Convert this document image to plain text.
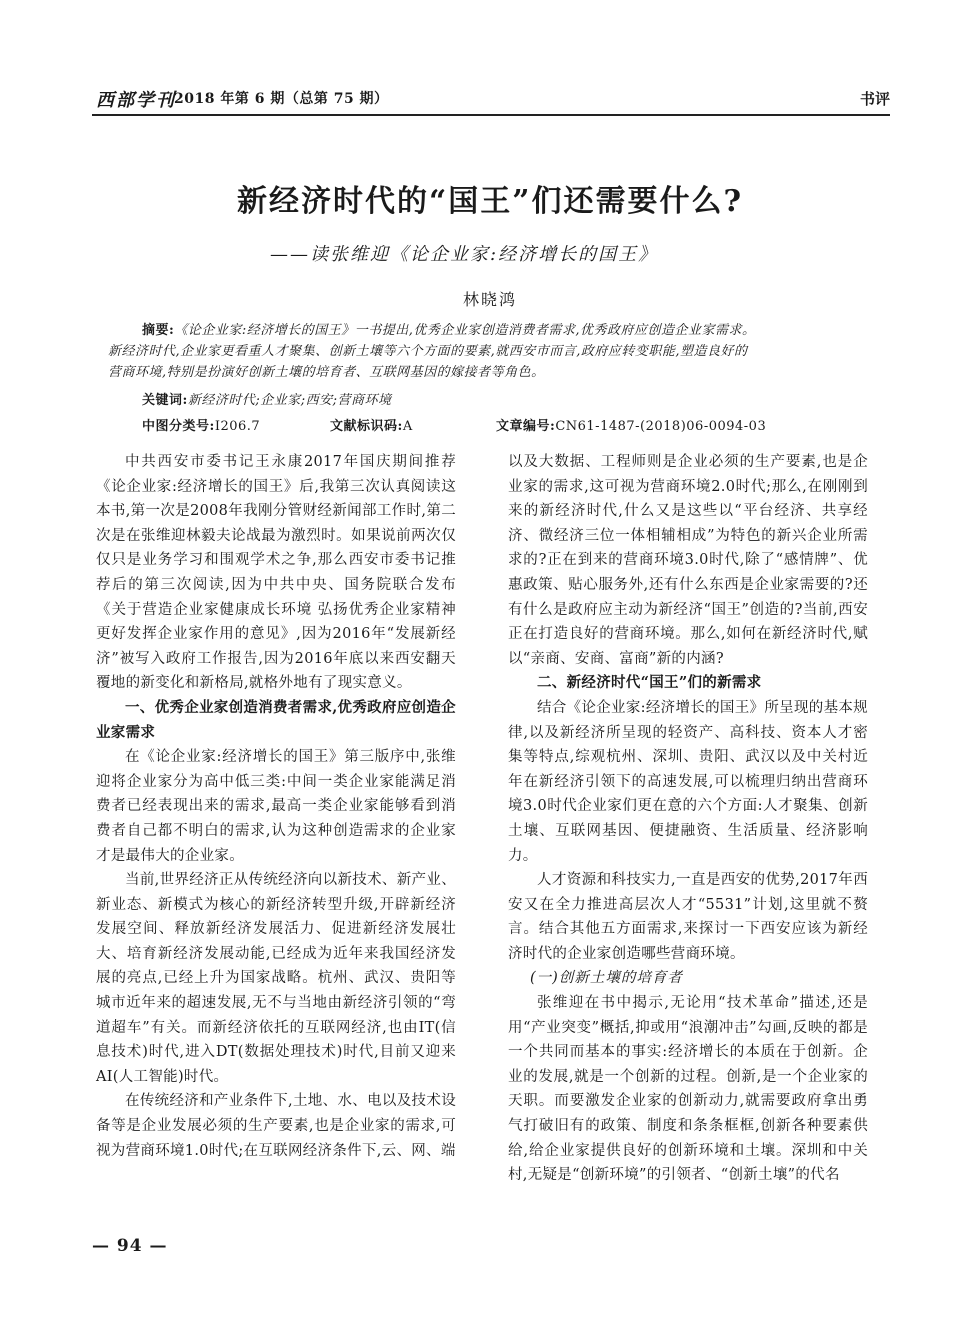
西部学刊
2018 年第 6 期（总第 75 期）	书评
新经济时代的“国王”们还需要什么?
——读张维迎《论企业家:经济增长的国王》
林晓鸿

摘要:《论企业家:经济增长的国王》一书提出,优秀企业家创造消费者需求,优秀政府应创造企业家需求。

新经济时代,企业家更看重人才聚集、创新土壤等六个方面的要素,就西安市而言,政府应转变职能,塑造良好的

营商环境,特别是扮演好创新土壤的培育者、互联网基因的嫁接者等角色。

关键词:新经济时代;企业家;西安;营商环境
中图分类号:I206.7	文献标识码:A	文章编号:CN61-1487-(2018)06-0094-03

中共西安市委书记王永康2017年国庆期间推荐《论企业家:经济增长的国王》后,我第三次认真阅读这本书,第一次是2008年我刚分管财经新闻部工作时,第二次是在张维迎林毅夫论战最为激烈时。如果说前两次仅仅只是业务学习和围观学术之争,那么西安市委书记推荐后的第三次阅读,因为中共中央、国务院联合发布《关于营造企业家健康成长环境 弘扬优秀企业家精神 更好发挥企业家作用的意见》,因为2016年“发展新经济”被写入政府工作报告,因为2016年底以来西安翻天覆地的新变化和新格局,就格外地有了现实意义。

一、优秀企业家创造消费者需求,优秀政府应创造企

业家需求

在《论企业家:经济增长的国王》第三版序中,张维迎将企业家分为高中低三类:中间一类企业家能满足消费者已经表现出来的需求,最高一类企业家能够看到消费者自己都不明白的需求,认为这种创造需求的企业家才是最伟大的企业家。

当前,世界经济正从传统经济向以新技术、新产业、新业态、新模式为核心的新经济转型升级,开辟新经济发展空间、释放新经济发展活力、促进新经济发展壮大、培育新经济发展动能,已经成为近年来我国经济发展的亮点,已经上升为国家战略。杭州、武汉、贵阳等城市近年来的超速发展,无不与当地由新经济引领的“弯道超车”有关。而新经济依托的互联网经济,也由IT(信息技术)时代,进入DT(数据处理技术)时代,目前又迎来AI(人工智能)时代。

在传统经济和产业条件下,土地、水、电以及技术设备等是企业发展必须的生产要素,也是企业家的需求,可视为营商环境1.0时代;在互联网经济条件下,云、网、端

以及大数据、工程师则是企业必须的生产要素,也是企业家的需求,这可视为营商环境2.0时代;那么,在刚刚到来的新经济时代,什么又是这些以“平台经济、共享经济、微经济三位一体相辅相成”为特色的新兴企业所需求的?正在到来的营商环境3.0时代,除了“感情牌”、优惠政策、贴心服务外,还有什么东西是企业家需要的?还有什么是政府应主动为新经济“国王”创造的?当前,西安正在打造良好的营商环境。那么,如何在新经济时代,赋以“亲商、安商、富商”新的内涵?

二、新经济时代“国王”们的新需求

结合《论企业家:经济增长的国王》所呈现的基本规律,以及新经济所呈现的轻资产、高科技、资本人才密集等特点,综观杭州、深圳、贵阳、武汉以及中关村近年在新经济引领下的高速发展,可以梳理归纳出营商环境3.0时代企业家们更在意的六个方面:人才聚集、创新土壤、互联网基因、便捷融资、生活质量、经济影响力。

人才资源和科技实力,一直是西安的优势,2017年西安又在全力推进高层次人才“5531”计划,这里就不赘言。结合其他五方面需求,来探讨一下西安应该为新经济时代的企业家创造哪些营商环境。

(一)创新土壤的培育者

张维迎在书中揭示,无论用“技术革命”描述,还是用“产业突变”概括,抑或用“浪潮冲击”勾画,反映的都是一个共同而基本的事实:经济增长的本质在于创新。企业的发展,就是一个创新的过程。创新,是一个企业家的天职。而要激发企业家的创新动力,就需要政府拿出勇气打破旧有的政策、制度和条条框框,创新各种要素供给,给企业家提供良好的创新环境和土壤。深圳和中关村,无疑是“创新环境”的引领者、“创新土壤”的代名

— 94 —
